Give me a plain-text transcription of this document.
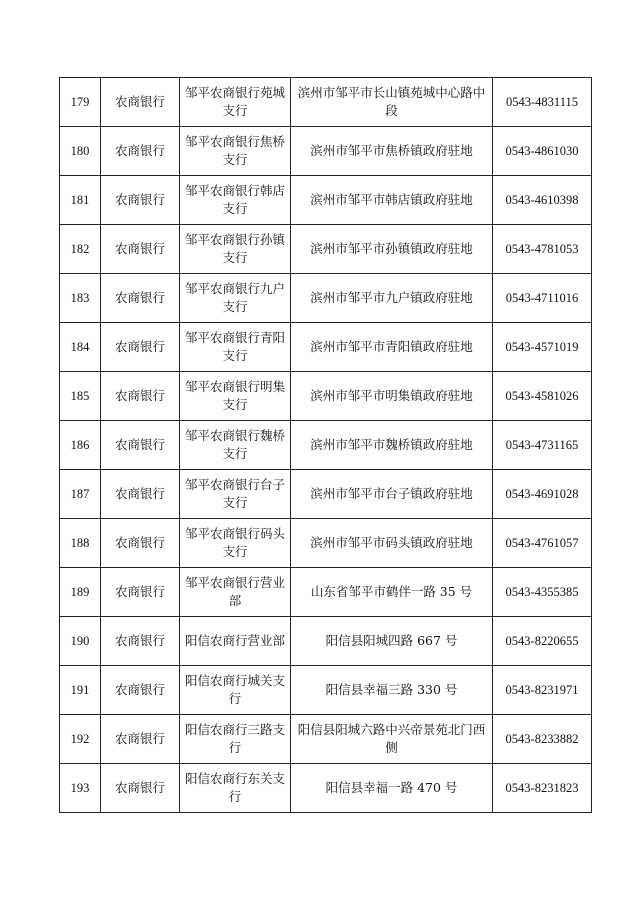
179	农商银行	邹平农商银行苑城支行	滨州市邹平市长山镇苑城中心路中段	0543-4831115
180	农商银行	邹平农商银行焦桥支行	滨州市邹平市焦桥镇政府驻地	0543-4861030
181	农商银行	邹平农商银行韩店支行	滨州市邹平市韩店镇政府驻地	0543-4610398
182	农商银行	邹平农商银行孙镇支行	滨州市邹平市孙镇镇政府驻地	0543-4781053
183	农商银行	邹平农商银行九户支行	滨州市邹平市九户镇政府驻地	0543-4711016
184	农商银行	邹平农商银行青阳支行	滨州市邹平市青阳镇政府驻地	0543-4571019
185	农商银行	邹平农商银行明集支行	滨州市邹平市明集镇政府驻地	0543-4581026
186	农商银行	邹平农商银行魏桥支行	滨州市邹平市魏桥镇政府驻地	0543-4731165
187	农商银行	邹平农商银行台子支行	滨州市邹平市台子镇政府驻地	0543-4691028
188	农商银行	邹平农商银行码头支行	滨州市邹平市码头镇政府驻地	0543-4761057
189	农商银行	邹平农商银行营业部	山东省邹平市鹤伴一路 35 号	0543-4355385
190	农商银行	阳信农商行营业部	阳信县阳城四路 667 号	0543-8220655
191	农商银行	阳信农商行城关支行	阳信县幸福三路 330 号	0543-8231971
192	农商银行	阳信农商行三路支行	阳信县阳城六路中兴帝景苑北门西侧	0543-8233882
193	农商银行	阳信农商行东关支行	阳信县幸福一路 470 号	0543-8231823
